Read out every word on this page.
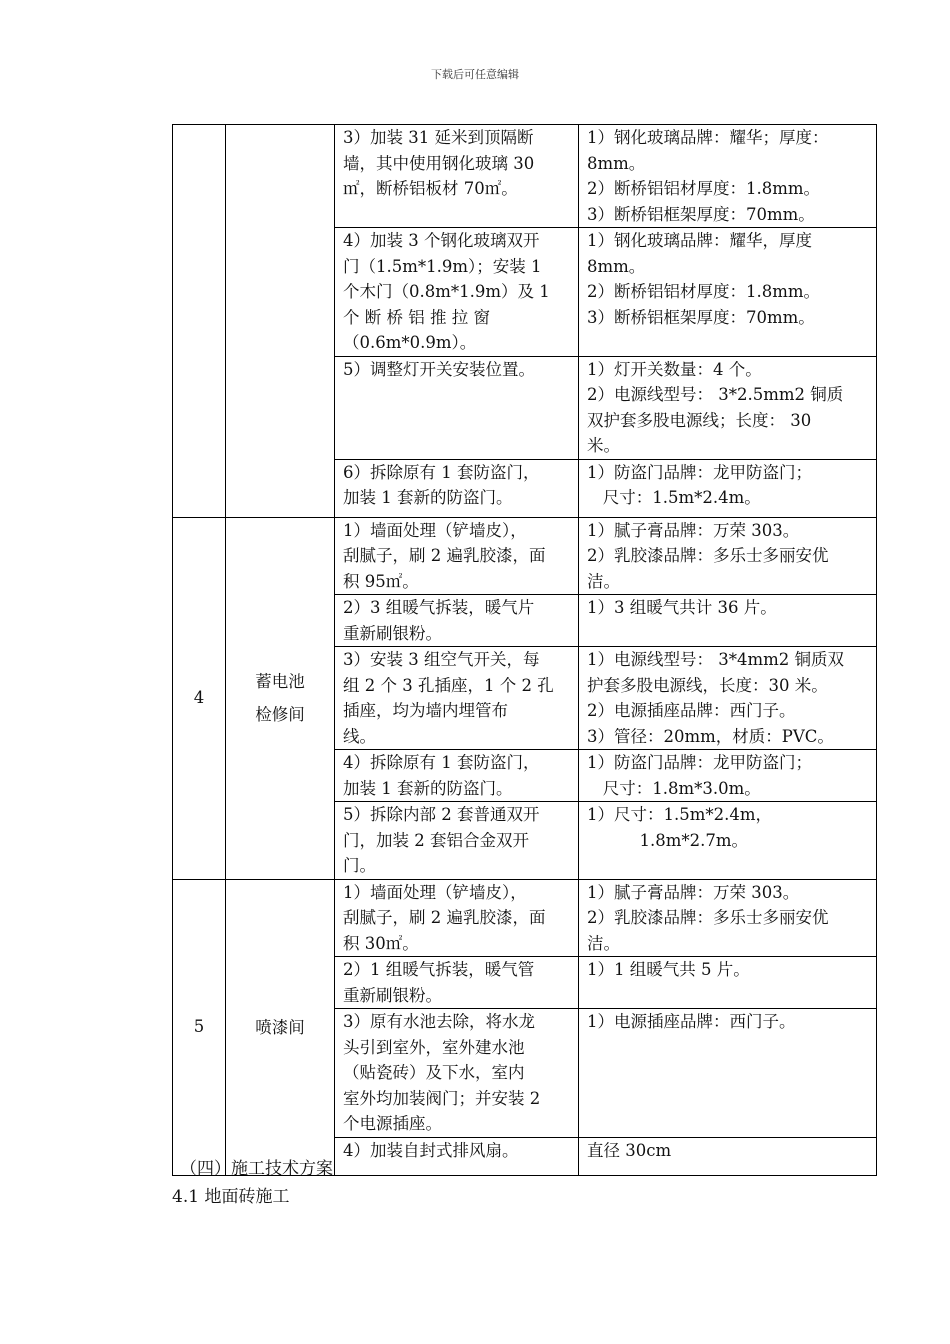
下载后可任意编辑

		3）加装 31 延米到顶隔断
墙，其中使用钢化玻璃 30
㎡，断桥铝板材 70㎡。	1）钢化玻璃品牌：耀华；厚度：
8mm。
2）断桥铝铝材厚度：1.8mm。
3）断桥铝框架厚度：70mm。

		4）加装 3 个钢化玻璃双开
门（1.5m*1.9m）；安装 1
个木门（0.8m*1.9m）及 1
个 断 桥 铝 推 拉 窗
（0.6m*0.9m）。	1）钢化玻璃品牌：耀华，厚度
8mm。
2）断桥铝铝材厚度：1.8mm。
3）断桥铝框架厚度：70mm。

		5）调整灯开关安装位置。	1）灯开关数量：4 个。
2）电源线型号： 3*2.5mm2 铜质
双护套多股电源线；长度： 30
米。

		6）拆除原有 1 套防盗门，
加装 1 套新的防盗门。	1）防盗门品牌：龙甲防盗门；
尺寸：1.5m*2.4m。

4	蓄电池
检修间	1）墙面处理（铲墙皮），
刮腻子，刷 2 遍乳胶漆，面
积 95㎡。	1）腻子膏品牌：万荣 303。
2）乳胶漆品牌：多乐士多丽安优
洁。

		2）3 组暖气拆装，暖气片
重新刷银粉。	1）3 组暖气共计 36 片。

		3）安装 3 组空气开关，每
组 2 个 3 孔插座，1 个 2 孔
插座，均为墙内埋管布
线。	1）电源线型号： 3*4mm2 铜质双
护套多股电源线，长度：30 米。
2）电源插座品牌：西门子。
3）管径：20mm，材质：PVC。

		4）拆除原有 1 套防盗门，
加装 1 套新的防盗门。	1）防盗门品牌：龙甲防盗门；
尺寸：1.8m*3.0m。

		5）拆除内部 2 套普通双开
门，加装 2 套铝合金双开
门。	1）尺寸：1.5m*2.4m，
1.8m*2.7m。

5	喷漆间	1）墙面处理（铲墙皮），
刮腻子，刷 2 遍乳胶漆，面
积 30㎡。	1）腻子膏品牌：万荣 303。
2）乳胶漆品牌：多乐士多丽安优
洁。

		2）1 组暖气拆装，暖气管
重新刷银粉。	1）1 组暖气共 5 片。

		3）原有水池去除，将水龙
头引到室外，室外建水池
（贴瓷砖）及下水，室内
室外均加装阀门；并安装 2
个电源插座。	1）电源插座品牌：西门子。

		4）加装自封式排风扇。	直径 30cm
（四）施工技术方案
4.1 地面砖施工
